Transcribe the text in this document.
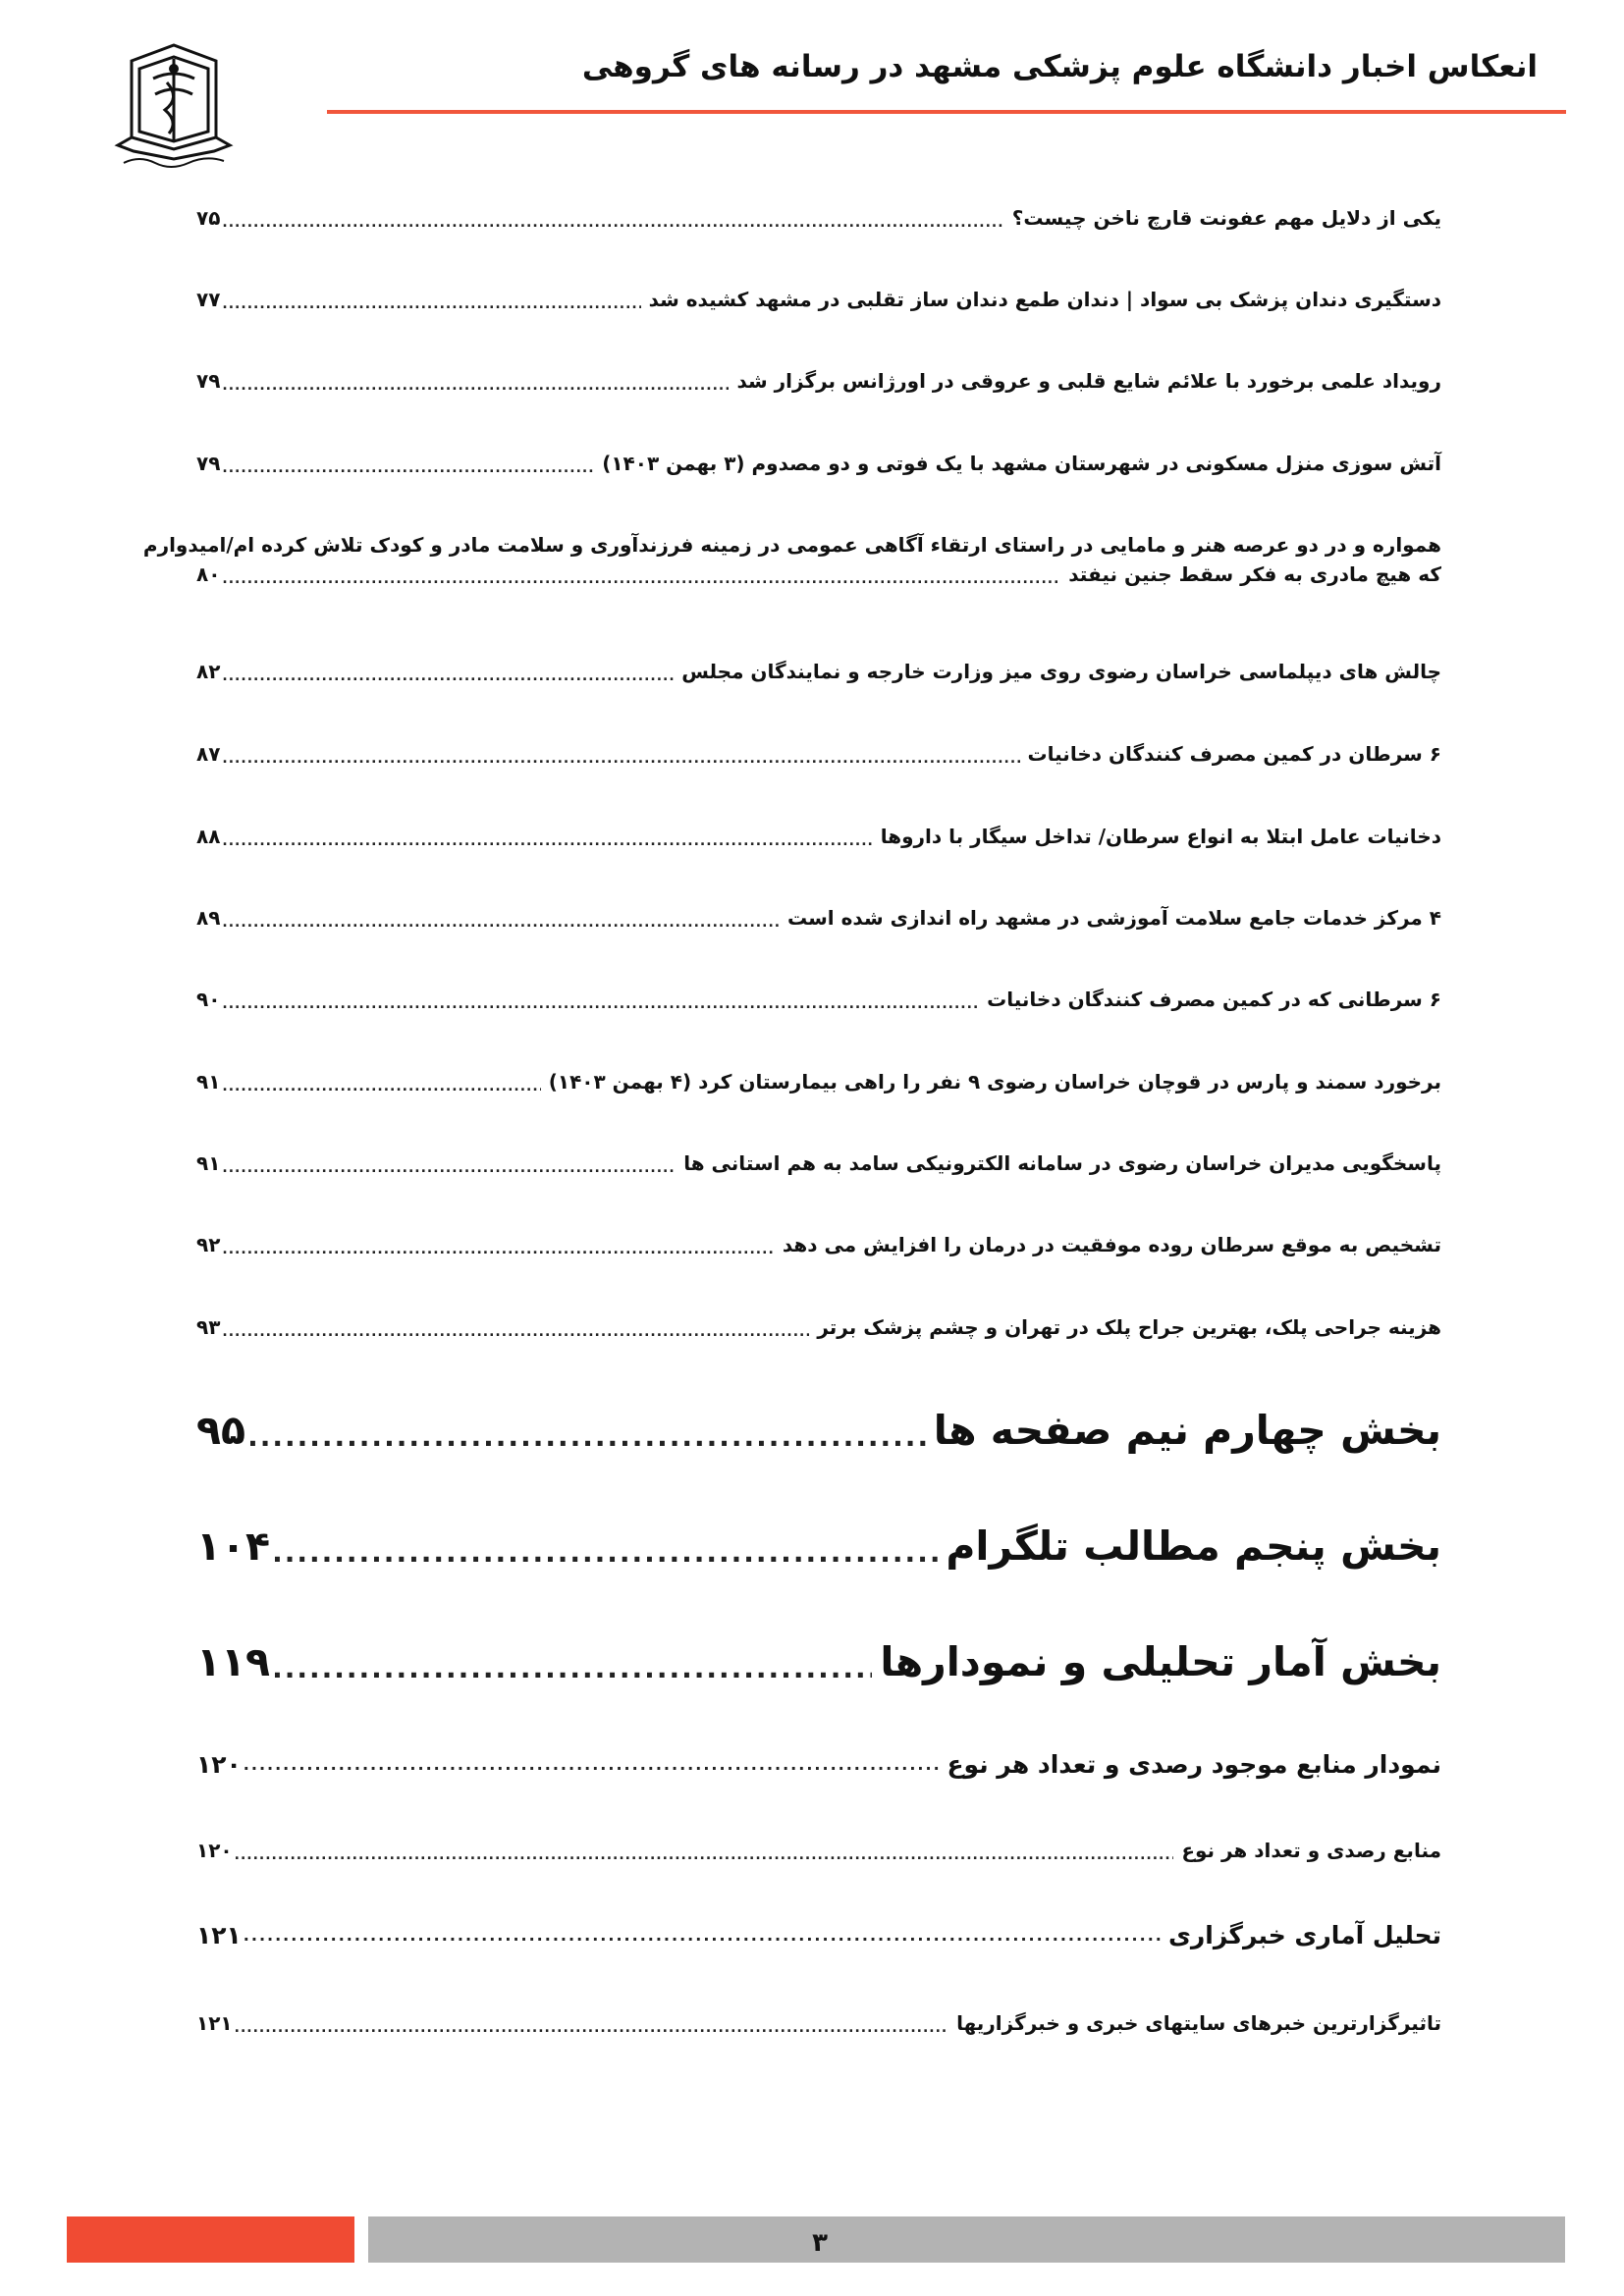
انعکاس اخبار دانشگاه علوم پزشکی مشهد در رسانه های گروهی
یکی از دلایل مهم عفونت قارچ ناخن چیست؟
.....
۷۵
دستگیری دندان پزشک بی سواد | دندان طمع دندان ساز تقلبی در مشهد کشیده شد
.....
۷۷
رویداد علمی برخورد با علائم شایع قلبی و عروقی در اورژانس برگزار شد
.....
۷۹
آتش سوزی منزل مسکونی در شهرستان مشهد با یک فوتی و دو مصدوم (۳ بهمن ۱۴۰۳)
.....
۷۹
همواره و در دو عرصه هنر و مامایی در راستای ارتقاء آگاهی عمومی در زمینه فرزندآوری و سلامت مادر و کودک تلاش کرده ام/امیدوارم
که هیچ مادری به فکر سقط جنین نیفتد
.....
۸۰
چالش های دیپلماسی خراسان رضوی روی میز وزارت خارجه و نمایندگان مجلس
.....
۸۲
۶ سرطان در کمین مصرف کنندگان دخانیات
.....
۸۷
دخانیات عامل ابتلا به انواع سرطان/ تداخل سیگار با داروها
.....
۸۸
۴ مرکز خدمات جامع سلامت آموزشی در مشهد راه اندازی شده است
.....
۸۹
۶ سرطانی که در کمین مصرف کنندگان دخانیات
.....
۹۰
برخورد سمند و پارس در قوچان خراسان رضوی ۹ نفر را راهی بیمارستان کرد (۴ بهمن ۱۴۰۳)
.....
۹۱
پاسخگویی مدیران خراسان رضوی در سامانه الکترونیکی سامد به هم استانی ها
.....
۹۱
تشخیص به موقع سرطان روده موفقیت در درمان را افزایش می دهد
.....
۹۲
هزینه جراحی پلک، بهترین جراح پلک در تهران و چشم پزشک برتر
.....
۹۳
بخش چهارم نیم صفحه ها
.....
۹۵
بخش پنجم مطالب تلگرام
.....
۱۰۴
بخش آمار تحلیلی و نمودارها
.....
۱۱۹
نمودار منابع موجود رصدی و تعداد هر نوع
.....
۱۲۰
منابع رصدی و تعداد هر نوع
.....
۱۲۰
تحلیل آماری خبرگزاری
.....
۱۲۱
تاثیرگزارترین خبرهای سایتهای خبری و خبرگزاریها
.....
۱۲۱
۳
